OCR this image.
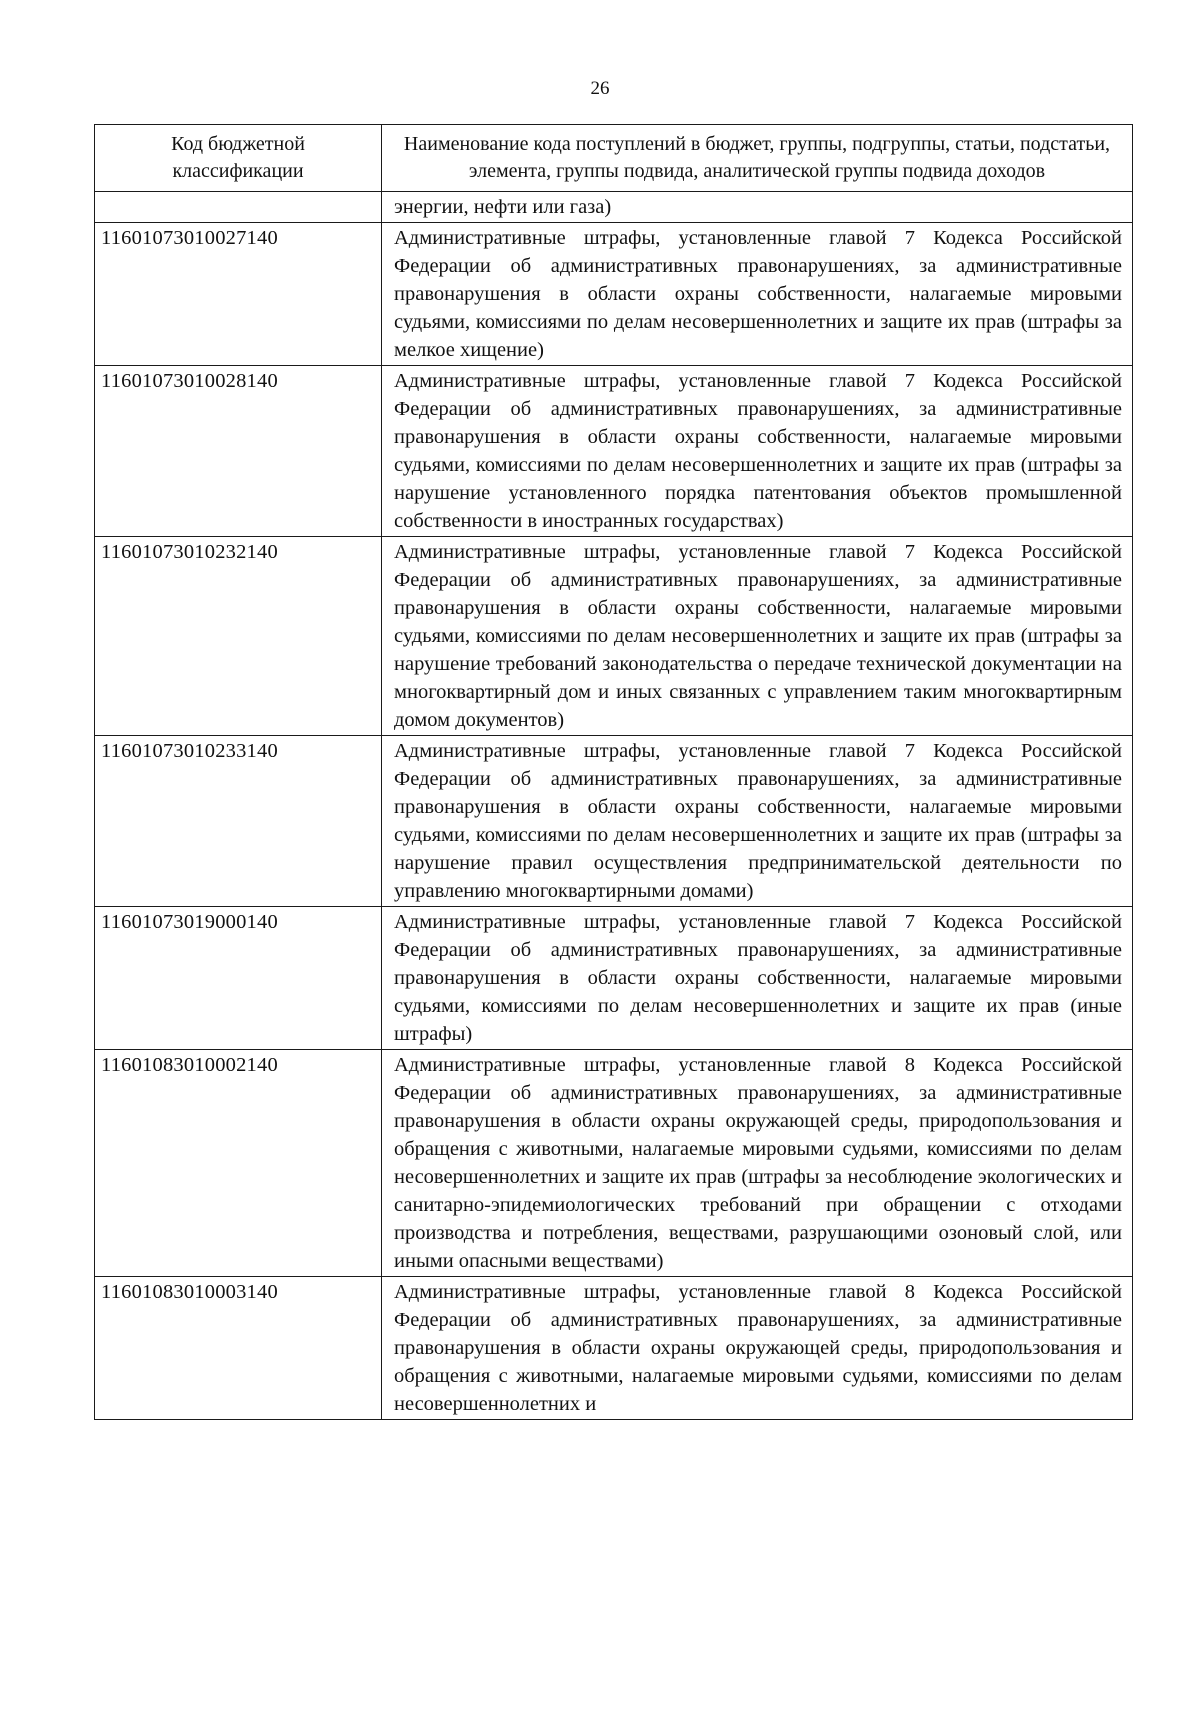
26
Код бюджетной классификации	Наименование кода поступлений в бюджет, группы, подгруппы, статьи, подстатьи, элемента, группы подвида, аналитической группы подвида доходов
	энергии, нефти или газа)
11601073010027140	Административные штрафы, установленные главой 7 Кодекса Российской Федерации об административных правонарушениях, за административные правонарушения в области охраны собственности, налагаемые мировыми судьями, комиссиями по делам несовершеннолетних и защите их прав (штрафы за мелкое хищение)
11601073010028140	Административные штрафы, установленные главой 7 Кодекса Российской Федерации об административных правонарушениях, за административные правонарушения в области охраны собственности, налагаемые мировыми судьями, комиссиями по делам несовершеннолетних и защите их прав (штрафы за нарушение установленного порядка патентования объектов промышленной собственности в иностранных государствах)
11601073010232140	Административные штрафы, установленные главой 7 Кодекса Российской Федерации об административных правонарушениях, за административные правонарушения в области охраны собственности, налагаемые мировыми судьями, комиссиями по делам несовершеннолетних и защите их прав (штрафы за нарушение требований законодательства о передаче технической документации на многоквартирный дом и иных связанных с управлением таким многоквартирным домом документов)
11601073010233140	Административные штрафы, установленные главой 7 Кодекса Российской Федерации об административных правонарушениях, за административные правонарушения в области охраны собственности, налагаемые мировыми судьями, комиссиями по делам несовершеннолетних и защите их прав (штрафы за нарушение правил осуществления предпринимательской деятельности по управлению многоквартирными домами)
11601073019000140	Административные штрафы, установленные главой 7 Кодекса Российской Федерации об административных правонарушениях, за административные правонарушения в области охраны собственности, налагаемые мировыми судьями, комиссиями по делам несовершеннолетних и защите их прав (иные штрафы)
11601083010002140	Административные штрафы, установленные главой 8 Кодекса Российской Федерации об административных правонарушениях, за административные правонарушения в области охраны окружающей среды, природопользования и обращения с животными, налагаемые мировыми судьями, комиссиями по делам несовершеннолетних и защите их прав (штрафы за несоблюдение экологических и санитарно-эпидемиологических требований при обращении с отходами производства и потребления, веществами, разрушающими озоновый слой, или иными опасными веществами)
11601083010003140	Административные штрафы, установленные главой 8 Кодекса Российской Федерации об административных правонарушениях, за административные правонарушения в области охраны окружающей среды, природопользования и обращения с животными, налагаемые мировыми судьями, комиссиями по делам несовершеннолетних и
